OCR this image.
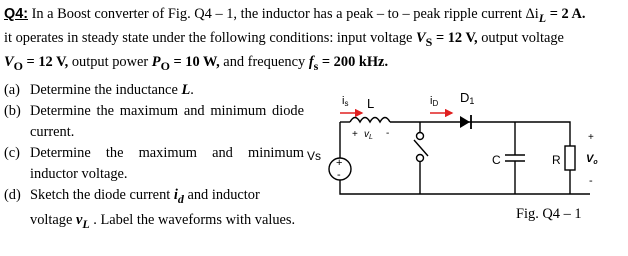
Q4: In a Boost converter of Fig. Q4 – 1, the inductor has a peak – to – peak ripple current $\Delta i_L = 2$ A.
it operates in steady state under the following conditions: input voltage $V_S = 12$ V, output voltage
$V_O = 12$ V, output power $P_O = 10$ W, and frequency $f_s = 200$ kHz.
(a) Determine the inductance L.
(b) Determine the maximum and minimum diode current.
(c) Determine the maximum and minimum inductor voltage.
(d) Sketch the diode current $i_d$ and inductor
voltage $v_L$ . Label the waveforms with values.
+
-
is L	iD D1
+ $v_L$ -
Vs	C	R
+
Vo
-
Fig. Q4 – 1
